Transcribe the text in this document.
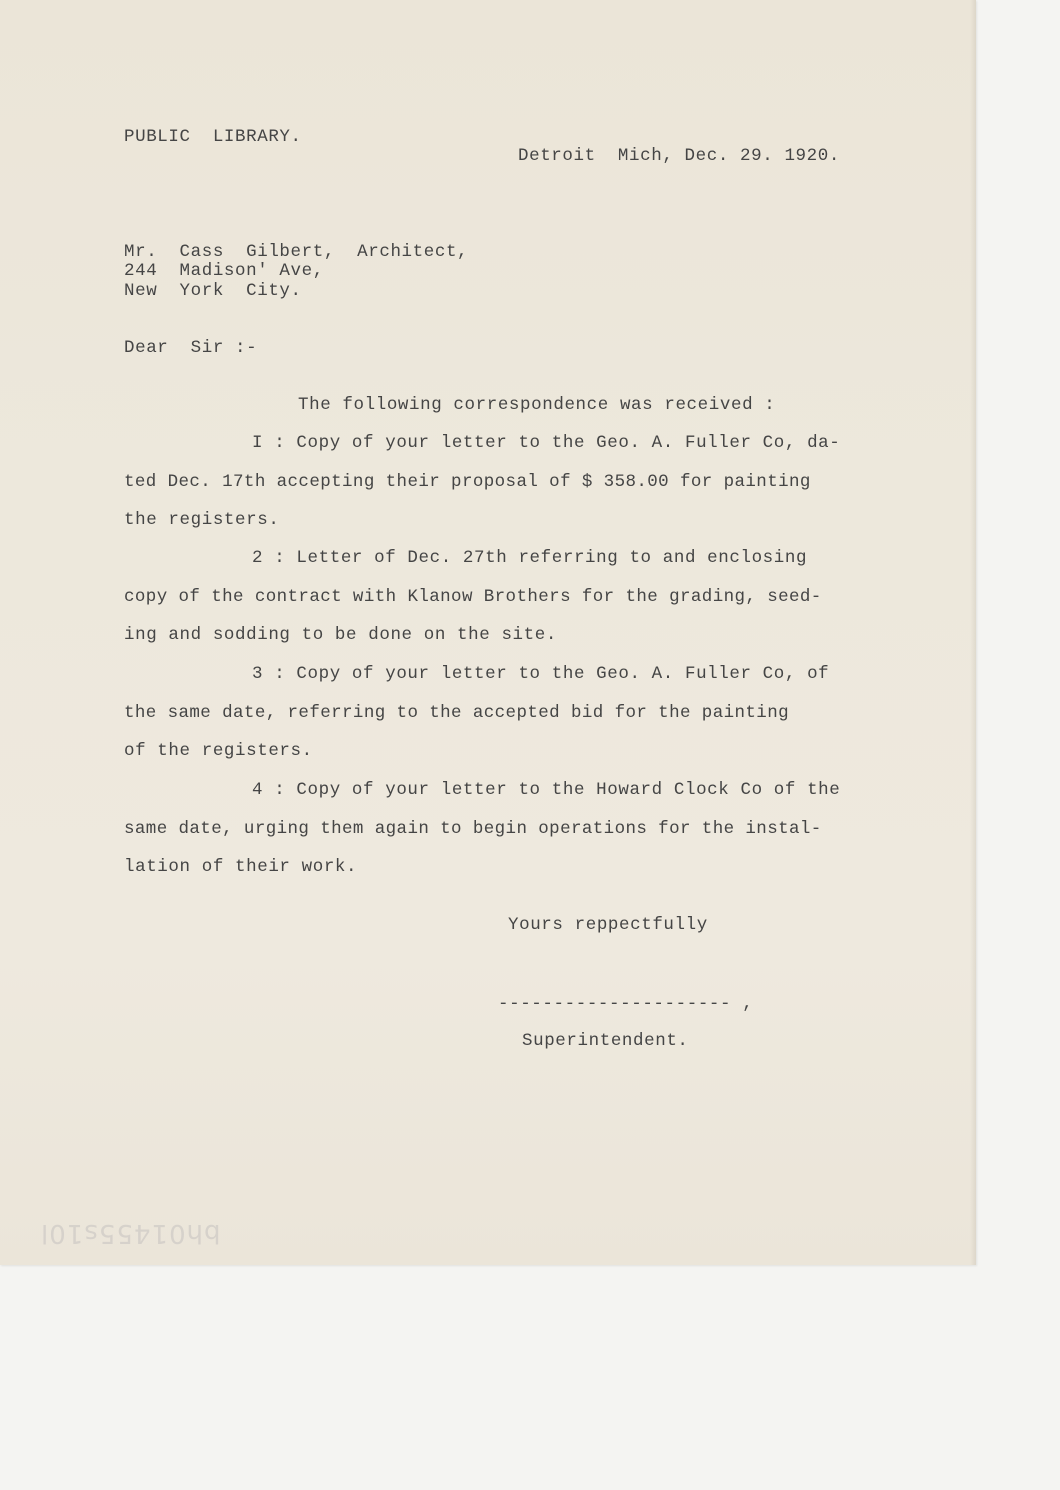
PUBLIC  LIBRARY.
Detroit  Mich, Dec. 29. 1920.
Mr.  Cass  Gilbert,  Architect,
244  Madison' Ave,
New  York  City.
Dear  Sir :-
The following correspondence was received :
I : Copy of your letter to the Geo. A. Fuller Co, da-
ted Dec. 17th accepting their proposal of $ 358.00 for painting
the registers.
2 : Letter of Dec. 27th referring to and enclosing
copy of the contract with Klanow Brothers for the grading, seed-
ing and sodding to be done on the site.
3 : Copy of your letter to the Geo. A. Fuller Co, of
the same date, referring to the accepted bid for the painting
of the registers.
4 : Copy of your letter to the Howard Clock Co of the
same date, urging them again to begin operations for the instal-
lation of their work.
Yours reppectfully
--------------------- ,
Superintendent.
bh01455s10l
